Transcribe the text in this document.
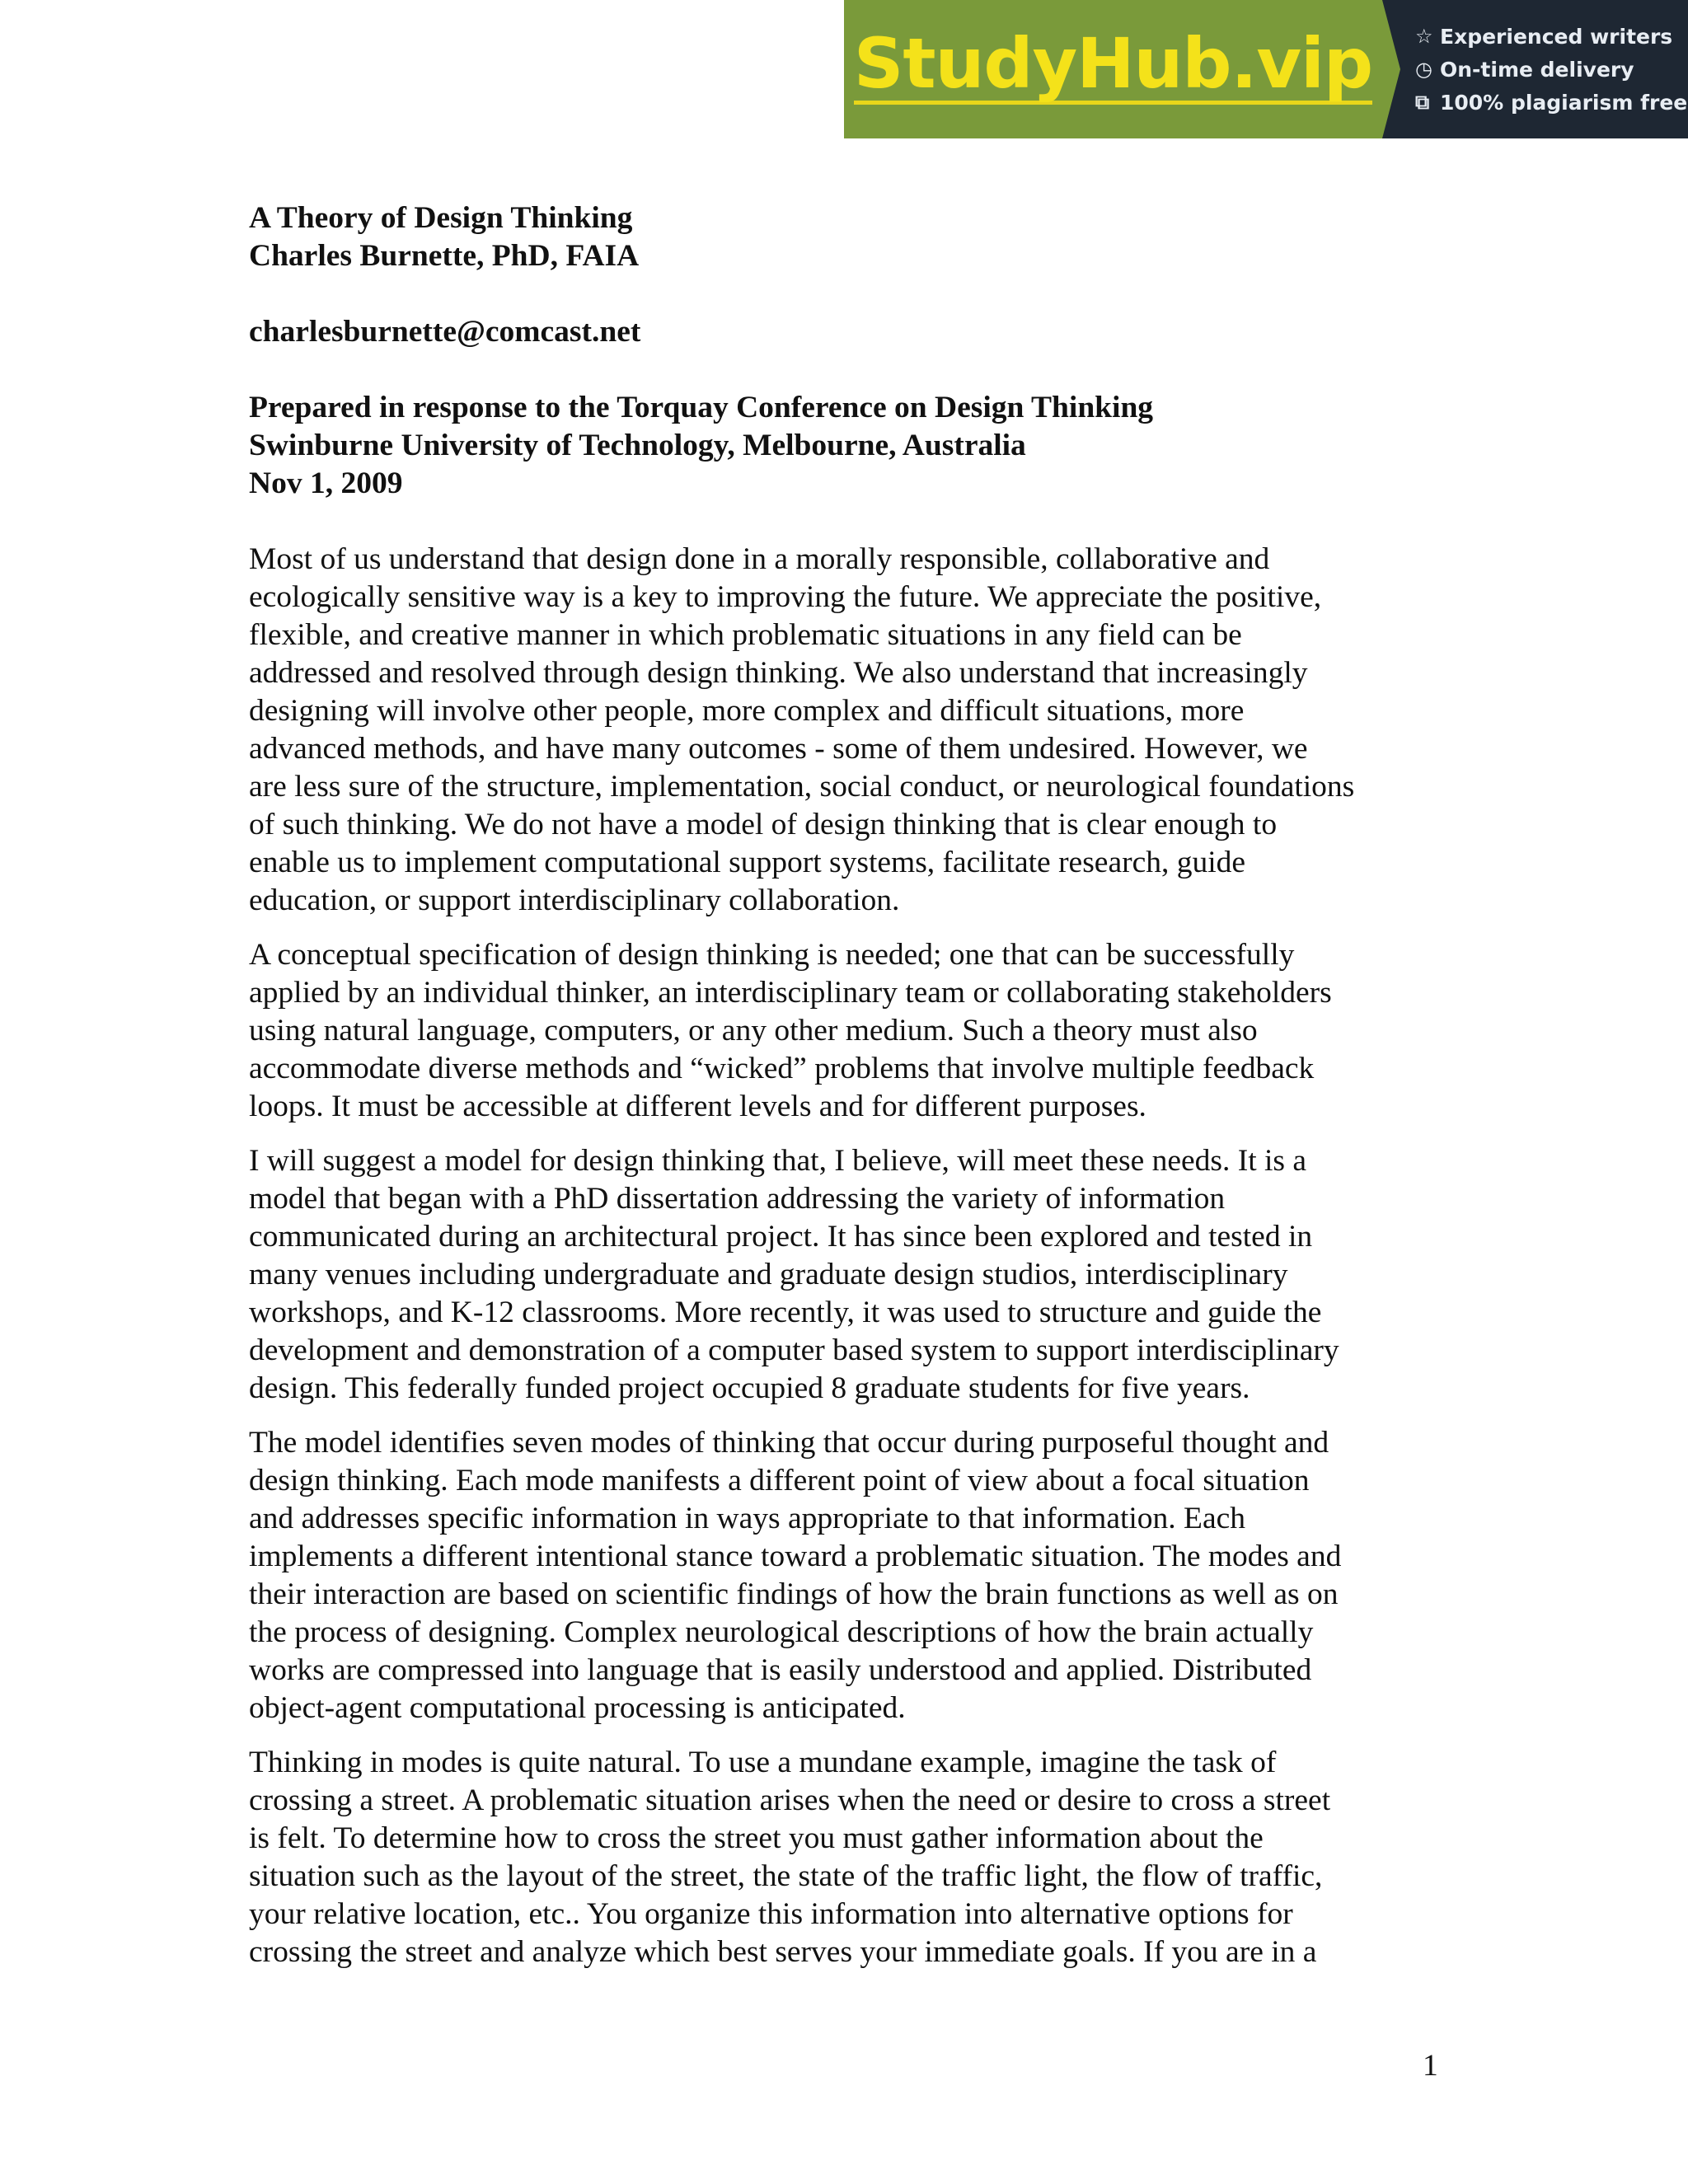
StudyHub.vip ☆ Experienced writers
◷ On-time delivery
⧉ 100% plagiarism free
A Theory of Design Thinking
Charles Burnette, PhD, FAIA
charlesburnette@comcast.net
Prepared in response to the Torquay Conference on Design Thinking
Swinburne University of Technology, Melbourne, Australia
Nov 1, 2009

Most of us understand that design done in a morally responsible, collaborative and
ecologically sensitive way is a key to improving the future. We appreciate the positive,
flexible, and creative manner in which problematic situations in any field can be
addressed and resolved through design thinking. We also understand that increasingly
designing will involve other people, more complex and difficult situations, more
advanced methods, and have many outcomes - some of them undesired. However, we
are less sure of the structure, implementation, social conduct, or neurological foundations
of such thinking. We do not have a model of design thinking that is clear enough to
enable us to implement computational support systems, facilitate research, guide
education, or support interdisciplinary collaboration.

A conceptual specification of design thinking is needed; one that can be successfully
applied by an individual thinker, an interdisciplinary team or collaborating stakeholders
using natural language, computers, or any other medium. Such a theory must also
accommodate diverse methods and “wicked” problems that involve multiple feedback
loops. It must be accessible at different levels and for different purposes.

I will suggest a model for design thinking that, I believe, will meet these needs. It is a
model that began with a PhD dissertation addressing the variety of information
communicated during an architectural project. It has since been explored and tested in
many venues including undergraduate and graduate design studios, interdisciplinary
workshops, and K-12 classrooms. More recently, it was used to structure and guide the
development and demonstration of a computer based system to support interdisciplinary
design. This federally funded project occupied 8 graduate students for five years.

The model identifies seven modes of thinking that occur during purposeful thought and
design thinking. Each mode manifests a different point of view about a focal situation
and addresses specific information in ways appropriate to that information. Each
implements a different intentional stance toward a problematic situation. The modes and
their interaction are based on scientific findings of how the brain functions as well as on
the process of designing. Complex neurological descriptions of how the brain actually
works are compressed into language that is easily understood and applied. Distributed
object-agent computational processing is anticipated.

Thinking in modes is quite natural. To use a mundane example, imagine the task of
crossing a street. A problematic situation arises when the need or desire to cross a street
is felt. To determine how to cross the street you must gather information about the
situation such as the layout of the street, the state of the traffic light, the flow of traffic,
your relative location, etc.. You organize this information into alternative options for
crossing the street and analyze which best serves your immediate goals. If you are in a

1
